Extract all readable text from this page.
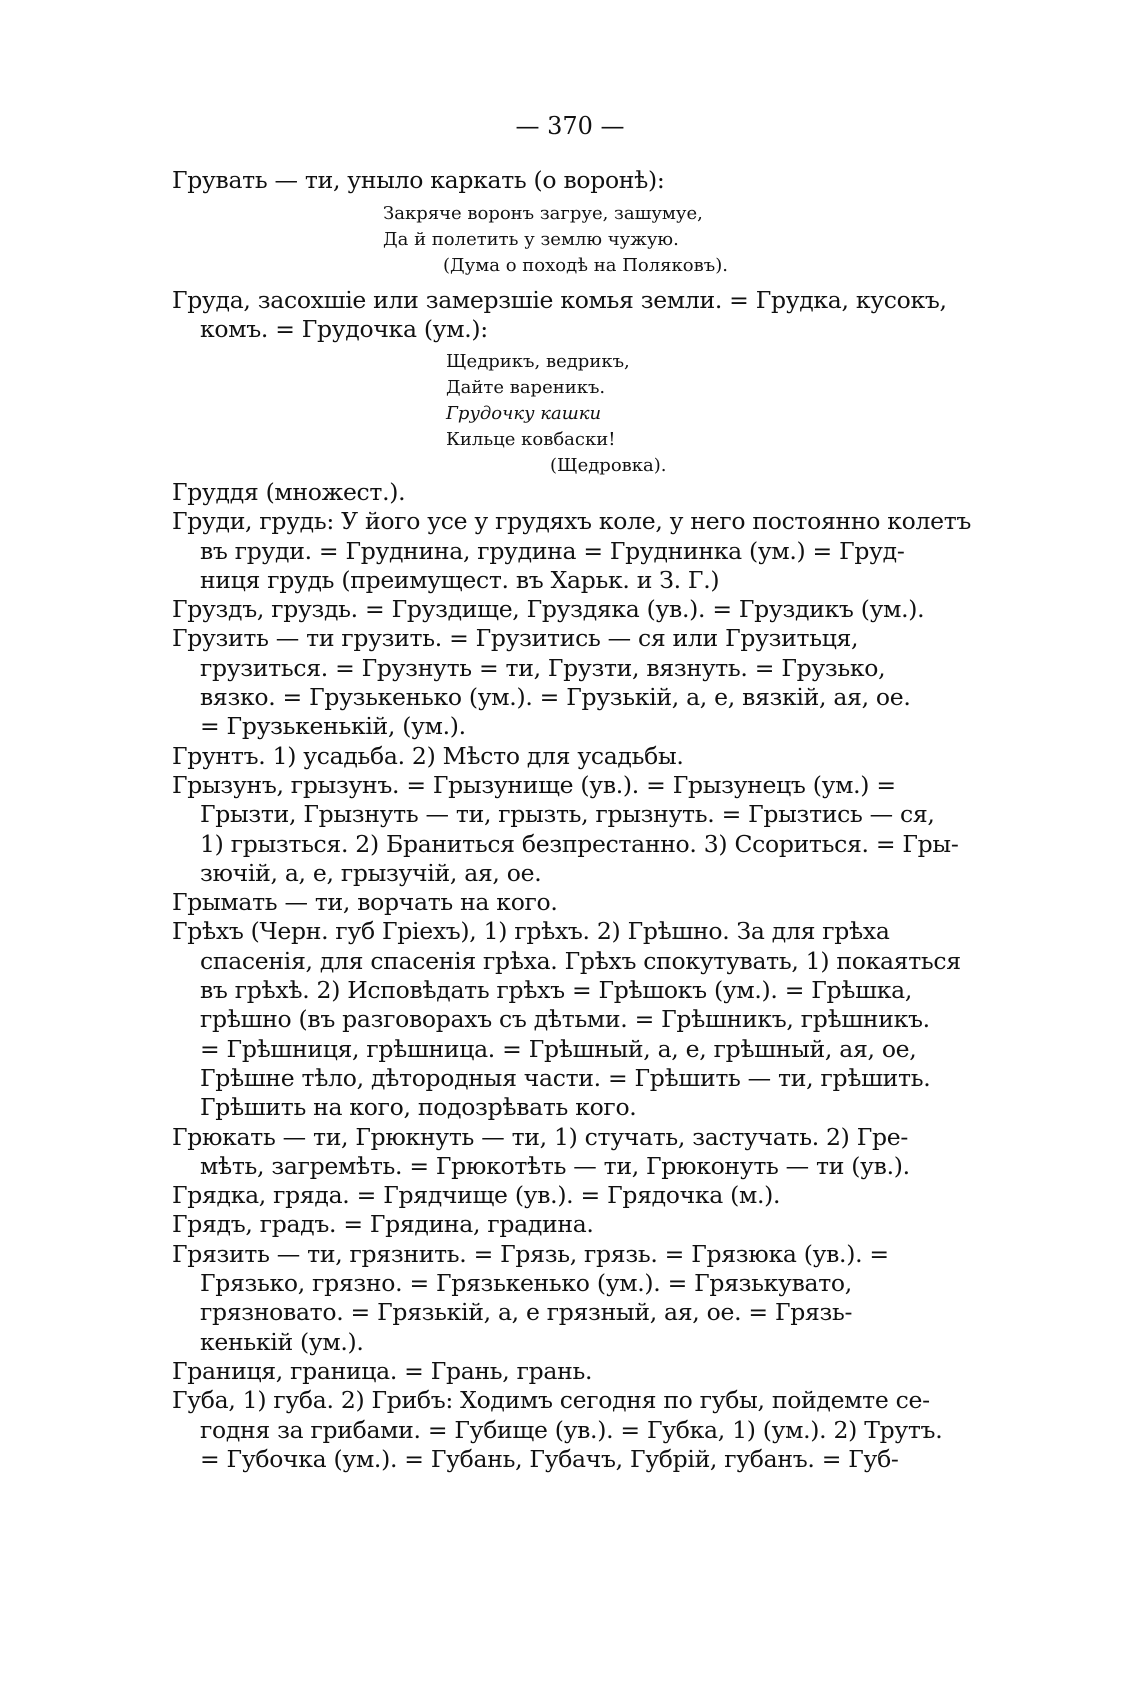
— 370 —
Грувать — ти, уныло каркать (о воронѣ):
Закряче воронъ загруе, зашумуе,
Да й полетить у землю чужую.
(Дума о походѣ на Поляковъ).
Груда, засохшіе или замерзшіе комья земли. = Грудка, кусокъ,
комъ. = Грудочка (ум.):
Щедрикъ, ведрикъ,
Дайте вареникъ.
Грудочку кашки
Кильце ковбаски!
(Щедровка).
Груддя (множест.).
Груди, грудь: У його усе у грудяхъ коле, у него постоянно колетъ
въ груди. = Груднина, грудина = Груднинка (ум.) = Груд-
ниця грудь (преимущест. въ Харьк. и З. Г.)
Груздъ, груздь. = Груздище, Груздяка (ув.). = Груздикъ (ум.).
Грузить — ти грузить. = Грузитись — ся или Грузитьця,
грузиться. = Грузнуть = ти, Грузти, вязнуть. = Грузько,
вязко. = Грузькенько (ум.). = Грузькій, а, е, вязкій, ая, ое.
= Грузькенькій, (ум.).
Грунтъ. 1) усадьба. 2) Мѣсто для усадьбы.
Грызунъ, грызунъ. = Грызунище (ув.). = Грызунецъ (ум.) =
Грызти, Грызнуть — ти, грызть, грызнуть. = Грызтись — ся,
1) грызться. 2) Браниться безпрестанно. 3) Ссориться. = Гры-
зючій, а, е, грызучій, ая, ое.
Грымать — ти, ворчать на кого.
Грѣхъ (Черн. губ Гріехъ), 1) грѣхъ. 2) Грѣшно. За для грѣха
спасенія, для спасенія грѣха. Грѣхъ спокутувать, 1) покаяться
въ грѣхѣ. 2) Исповѣдать грѣхъ = Грѣшокъ (ум.). = Грѣшка,
грѣшно (въ разговорахъ съ дѣтьми. = Грѣшникъ, грѣшникъ.
= Грѣшниця, грѣшница. = Грѣшный, а, е, грѣшный, ая, ое,
Грѣшне тѣло, дѣтородныя части. = Грѣшить — ти, грѣшить.
Грѣшить на кого, подозрѣвать кого.
Грюкать — ти, Грюкнуть — ти, 1) стучать, застучать. 2) Гре-
мѣть, загремѣть. = Грюкотѣть — ти, Грюконуть — ти (ув.).
Грядка, гряда. = Грядчище (ув.). = Грядочка (м.).
Грядъ, градъ. = Грядина, градина.
Грязить — ти, грязнить. = Грязь, грязь. = Грязюка (ув.). =
Грязько, грязно. = Грязькенько (ум.). = Грязькувато,
грязновато. = Грязькій, а, е грязный, ая, ое. = Грязь-
кенькій (ум.).
Границя, граница. = Грань, грань.
Губа, 1) губа. 2) Грибъ: Ходимъ сегодня по губы, пойдемте се-
годня за грибами. = Губище (ув.). = Губка, 1) (ум.). 2) Трутъ.
= Губочка (ум.). = Губань, Губачъ, Губрій, губанъ. = Губ-
